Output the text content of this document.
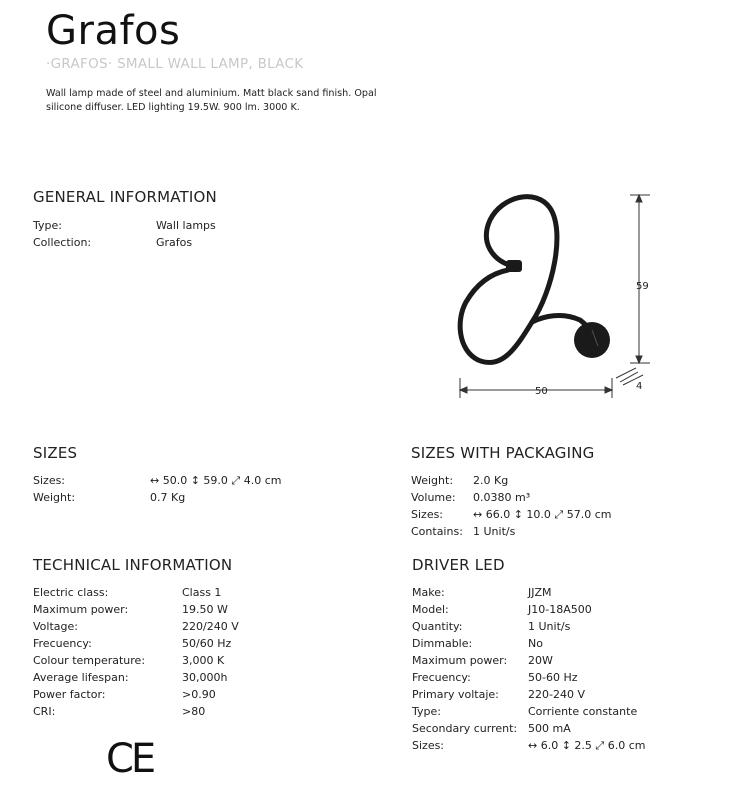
Grafos
·GRAFOS· SMALL WALL LAMP, BLACK
Wall lamp made of steel and aluminium. Matt black sand finish. Opal silicone diffuser. LED lighting 19.5W. 900 lm. 3000 K.
GENERAL INFORMATION
Type:	Wall lamps
Collection:	Grafos
59
50	4
SIZES
Sizes:	↔ 50.0 ↕ 59.0 ⤢ 4.0 cm
Weight:	0.7 Kg
SIZES WITH PACKAGING
Weight:	2.0 Kg
Volume:	0.0380 m³
Sizes:	↔ 66.0 ↕ 10.0 ⤢ 57.0 cm
Contains: 1 Unit/s
TECHNICAL INFORMATION
Electric class:	Class 1
Maximum power:	19.50 W
Voltage:	220/240 V
Frecuency:	50/60 Hz
Colour temperature:	3,000 K
Average lifespan:	30,000h
Power factor:	>0.90
CRI:	>80
DRIVER LED
Make:	JJZM
Model:	J10-18A500
Quantity:	1 Unit/s
Dimmable:	No
Maximum power:	20W
Frecuency:	50-60 Hz
Primary voltaje:	220-240 V
Type:	Corriente constante
Secondary current: 500 mA
Sizes:	↔ 6.0 ↕ 2.5 ⤢ 6.0 cm
CE
